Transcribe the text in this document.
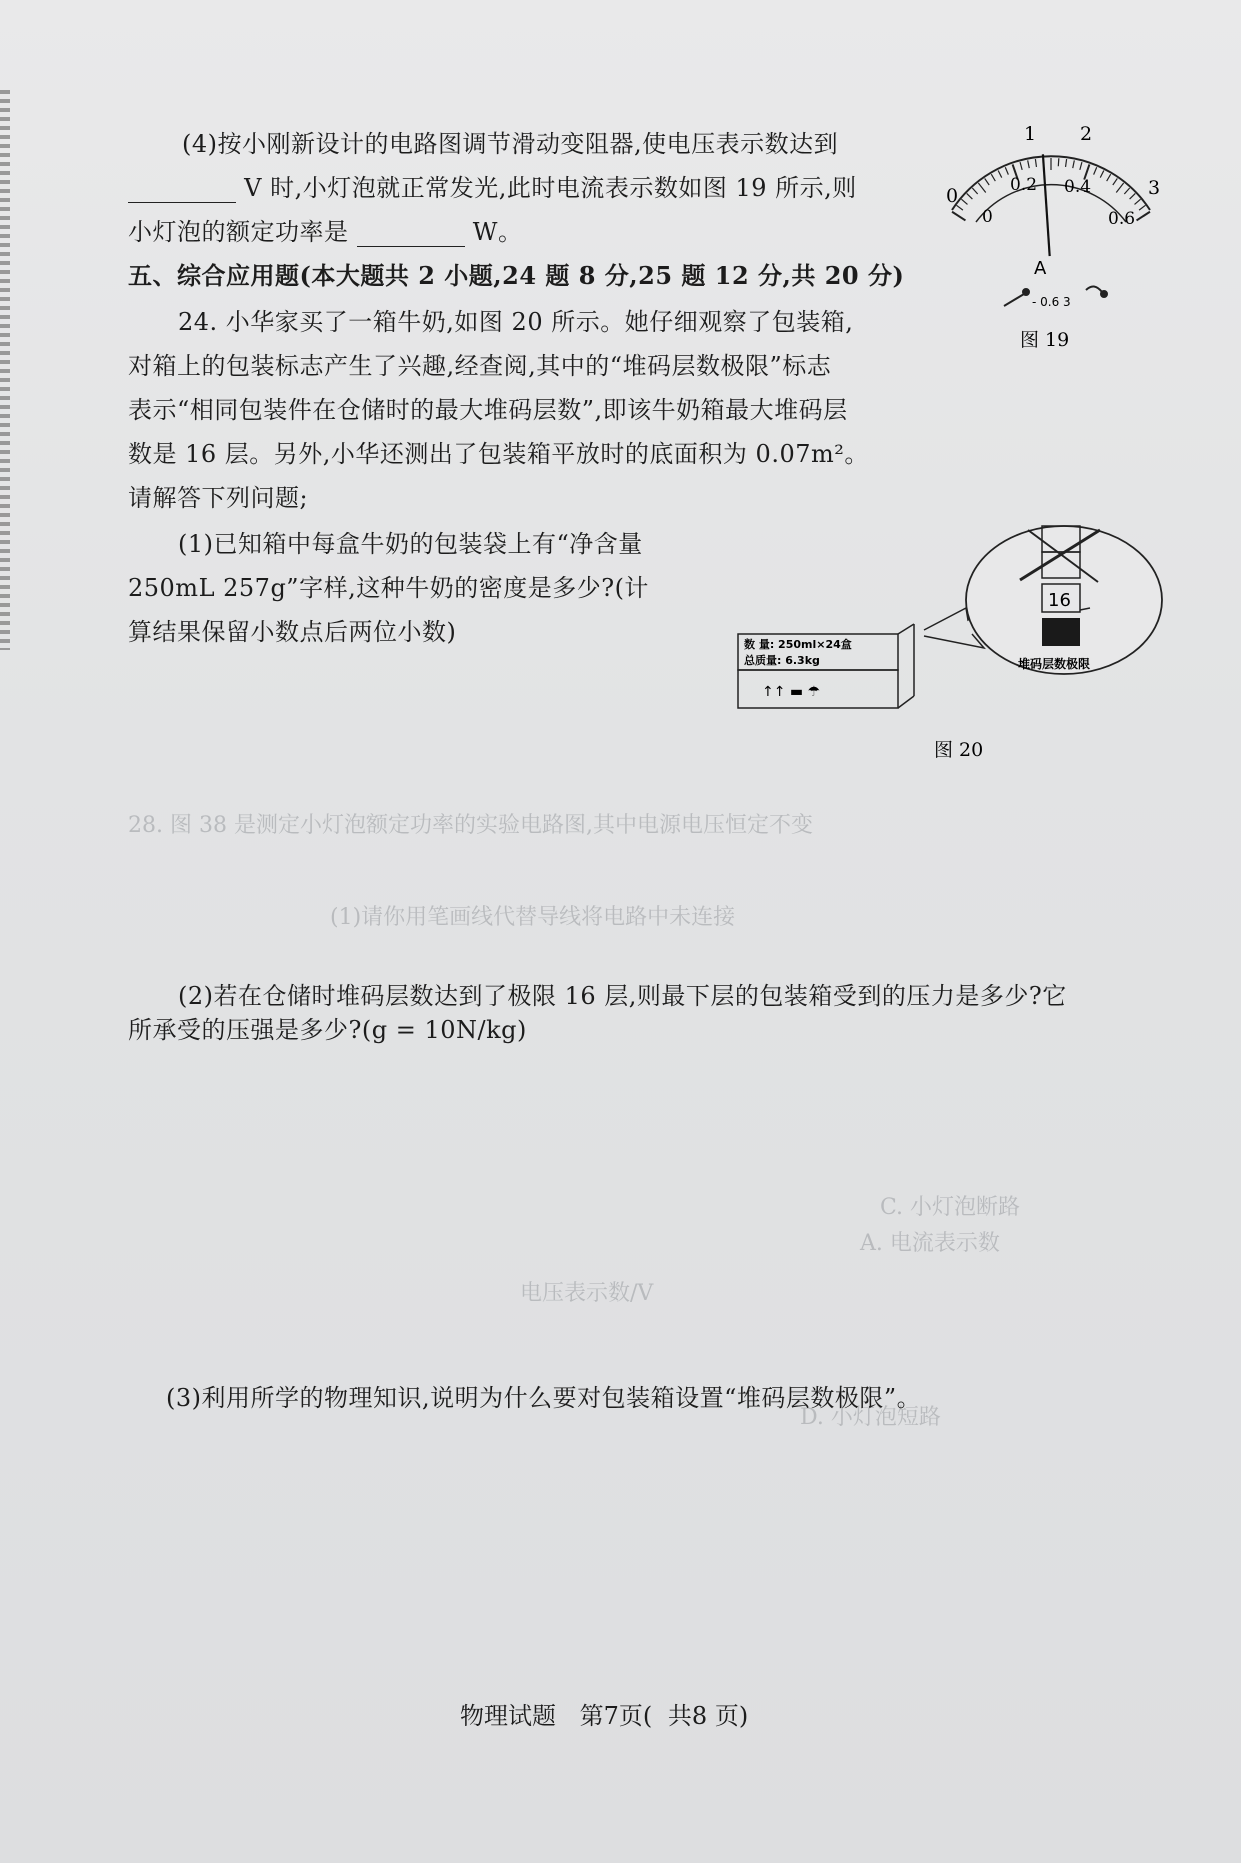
28. 图 38 是测定小灯泡额定功率的实验电路图,其中电源电压恒定不变
(1)请你用笔画线代替导线将电路中未连接
A. 电流表示数
电压表示数/V
C. 小灯泡断路
D. 小灯泡短路
(4)按小刚新设计的电路图调节滑动变阻器,使电压表示数达到
V 时,小灯泡就正常发光,此时电流表示数如图 19 所示,则
小灯泡的额定功率是	W。
五、综合应用题(本大题共 2 小题,24 题 8 分,25 题 12 分,共 20 分)
24. 小华家买了一箱牛奶,如图 20 所示。她仔细观察了包装箱,
对箱上的包装标志产生了兴趣,经查阅,其中的“堆码层数极限”标志
表示“相同包装件在仓储时的最大堆码层数”,即该牛奶箱最大堆码层
数是 16 层。另外,小华还测出了包装箱平放时的底面积为 0.07m²。
请解答下列问题;
(1)已知箱中每盒牛奶的包装袋上有“净含量
250mL 257g”字样,这种牛奶的密度是多少?(计
算结果保留小数点后两位小数)
(2)若在仓储时堆码层数达到了极限 16 层,则最下层的包装箱受到的压力是多少?它
所承受的压强是多少?(g = 10N/kg)
(3)利用所学的物理知识,说明为什么要对包装箱设置“堆码层数极限”。
1 2
3
0
0
0.2 0.4
0.6
A
- 0.6 3
图 19
数 量: 250ml×24盒
总质量: 6.3kg
↑↑ ▬ ☂
16
堆码层数极限
图 20
物理试题 第7页( 共8 页)
